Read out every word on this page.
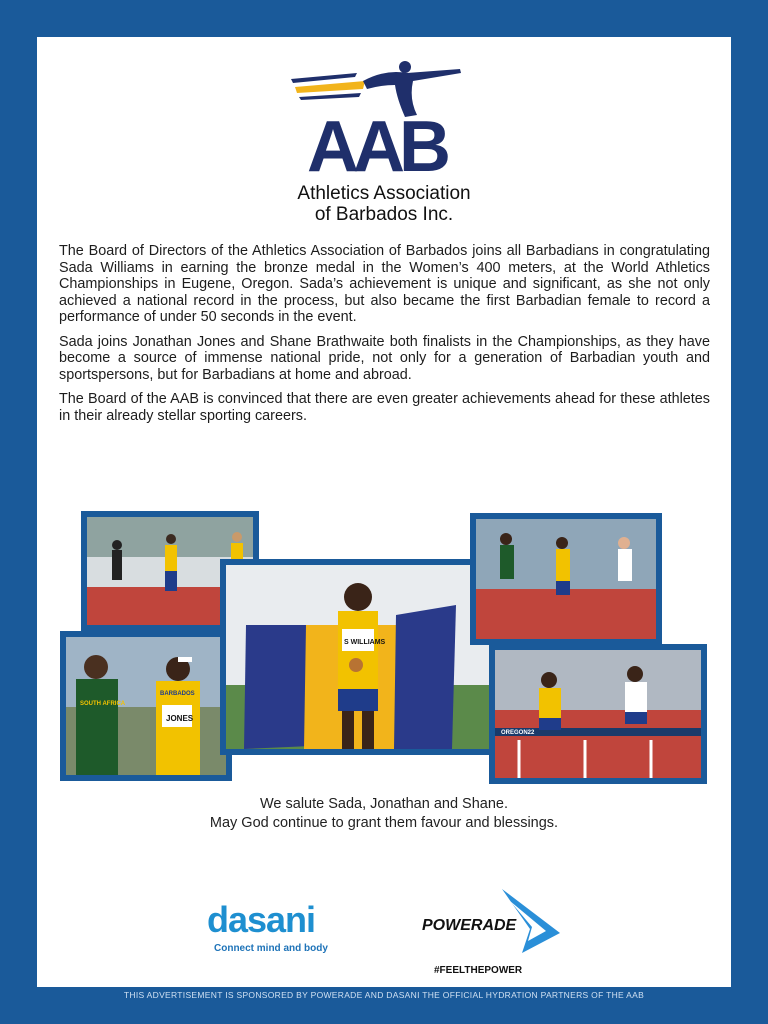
AAB
Athletics Association
of Barbados Inc.

The Board of Directors of the Athletics Association of Barbados joins all Barbadians in congratulating Sada Williams in earning the bronze medal in the Women’s 400 meters, at the World Athletics Championships in Eugene, Oregon. Sada’s achievement is unique and significant, as she not only achieved a national record in the process, but also became the first Barbadian female to record a performance of under 50 seconds in the event.

Sada joins Jonathan Jones and Shane Brathwaite both finalists in the Championships, as they have become a source of immense national pride, not only for a generation of Barbadian youth and sportspersons, but for Barbadians at home and abroad.

The Board of the AAB is convinced that there are even greater achievements ahead for these athletes in their already stellar sporting careers.

SOUTH AFRICA
BARBADOS
JONES
S WILLIAMS
OREGON22
We salute Sada, Jonathan and Shane.
May God continue to grant them favour and blessings.
dasani
Connect mind and body
POWERADE
#FEELTHEPOWER
THIS ADVERTISEMENT IS SPONSORED BY POWERADE AND DASANI THE OFFICIAL HYDRATION PARTNERS OF THE AAB
